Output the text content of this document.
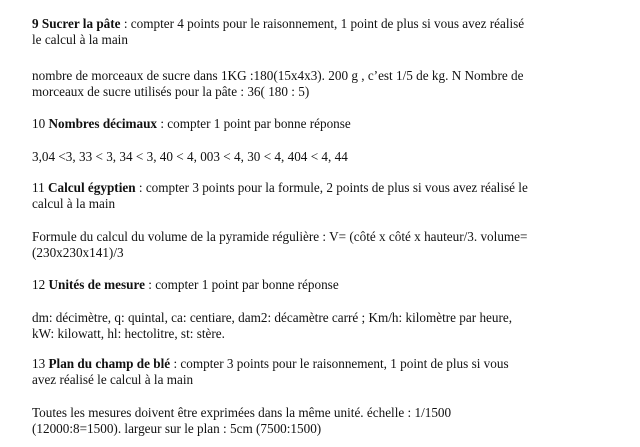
9 Sucrer la pâte : compter 4 points pour le raisonnement, 1 point de plus si vous avez réalisé
le calcul à la main
nombre de morceaux de sucre dans 1KG :180(15x4x3). 200 g , c’est 1/5 de kg. N Nombre de
morceaux de sucre utilisés pour la pâte : 36( 180 : 5)
10 Nombres décimaux : compter 1 point par bonne réponse
3,04 <3, 33 < 3, 34 < 3, 40 < 4, 003 < 4, 30 < 4, 404 < 4, 44
11 Calcul égyptien : compter 3 points pour la formule, 2 points de plus si vous avez réalisé le
calcul à la main
Formule du calcul du volume de la pyramide régulière : V= (côté x côté x hauteur/3. volume=
(230x230x141)/3
12 Unités de mesure : compter 1 point par bonne réponse
dm: décimètre, q: quintal, ca: centiare, dam2: décamètre carré ; Km/h: kilomètre par heure,
kW: kilowatt, hl: hectolitre, st: stère.
13 Plan du champ de blé : compter 3 points pour le raisonnement, 1 point de plus si vous
avez réalisé le calcul à la main
Toutes les mesures doivent être exprimées dans la même unité. échelle : 1/1500
(12000:8=1500). largeur sur le plan : 5cm (7500:1500)
